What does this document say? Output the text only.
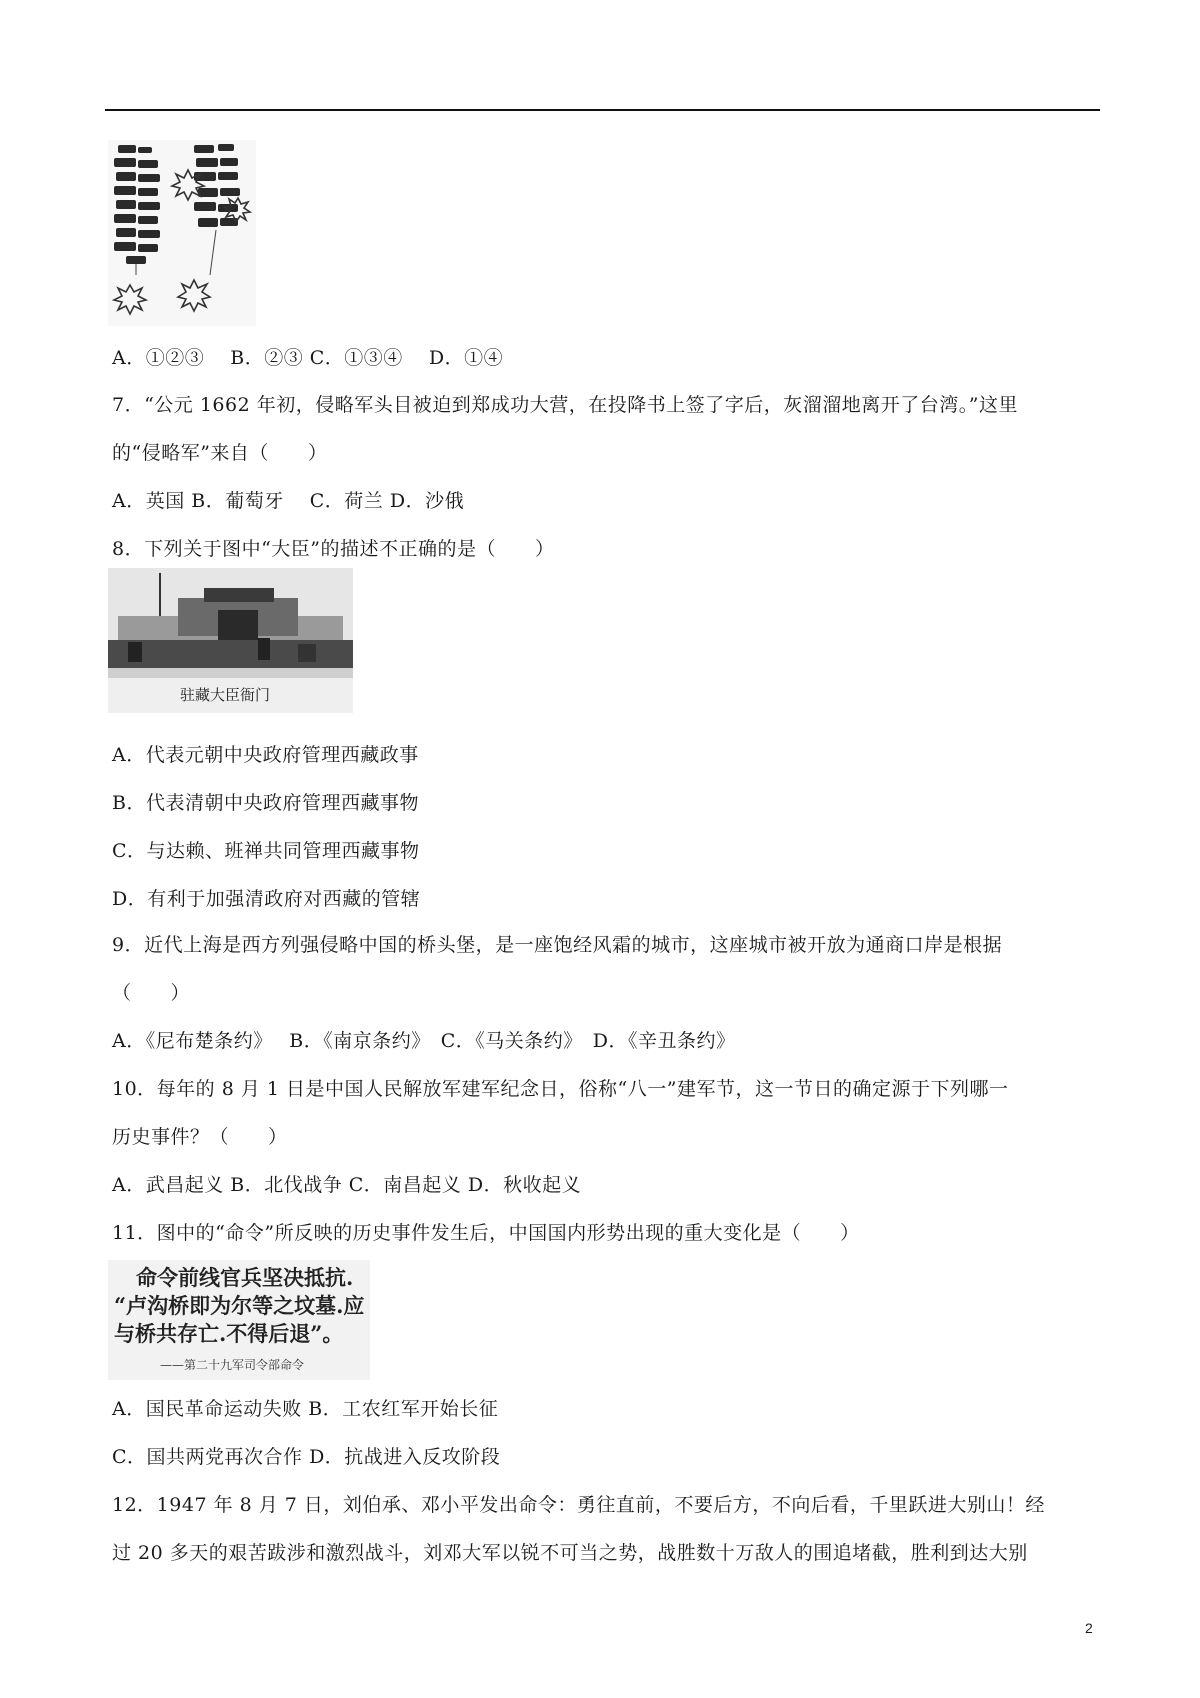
驻藏大臣衙门
命令前线官兵坚决抵抗.
“卢沟桥即为尔等之坟墓.应
与桥共存亡.不得后退”。
——第二十九军司令部命令
A．①②③　 B．②③ C．①③④　 D．①④
7．“公元 1662 年初，侵略军头目被迫到郑成功大营，在投降书上签了字后，灰溜溜地离开了台湾。”这里
的“侵略军”来自（　　）
A．英国 B．葡萄牙　 C．荷兰 D．沙俄
8．下列关于图中“大臣”的描述不正确的是（　　）
A．代表元朝中央政府管理西藏政事
B．代表清朝中央政府管理西藏事物
C．与达赖、班禅共同管理西藏事物
D．有利于加强清政府对西藏的管辖
9．近代上海是西方列强侵略中国的桥头堡，是一座饱经风霜的城市，这座城市被开放为通商口岸是根据
（　　）
A．《尼布楚条约》　 B．《南京条约》　C．《马关条约》　D．《辛丑条约》
10．每年的 8 月 1 日是中国人民解放军建军纪念日，俗称“八一”建军节，这一节日的确定源于下列哪一
历史事件？（　　）
A．武昌起义 B．北伐战争 C．南昌起义 D．秋收起义
11．图中的“命令”所反映的历史事件发生后，中国国内形势出现的重大变化是（　　）
A．国民革命运动失败 B．工农红军开始长征
C．国共两党再次合作 D．抗战进入反攻阶段
12．1947 年 8 月 7 日，刘伯承、邓小平发出命令：勇往直前，不要后方，不向后看，千里跃进大别山！经
过 20 多天的艰苦跋涉和激烈战斗，刘邓大军以锐不可当之势，战胜数十万敌人的围追堵截，胜利到达大别
2
